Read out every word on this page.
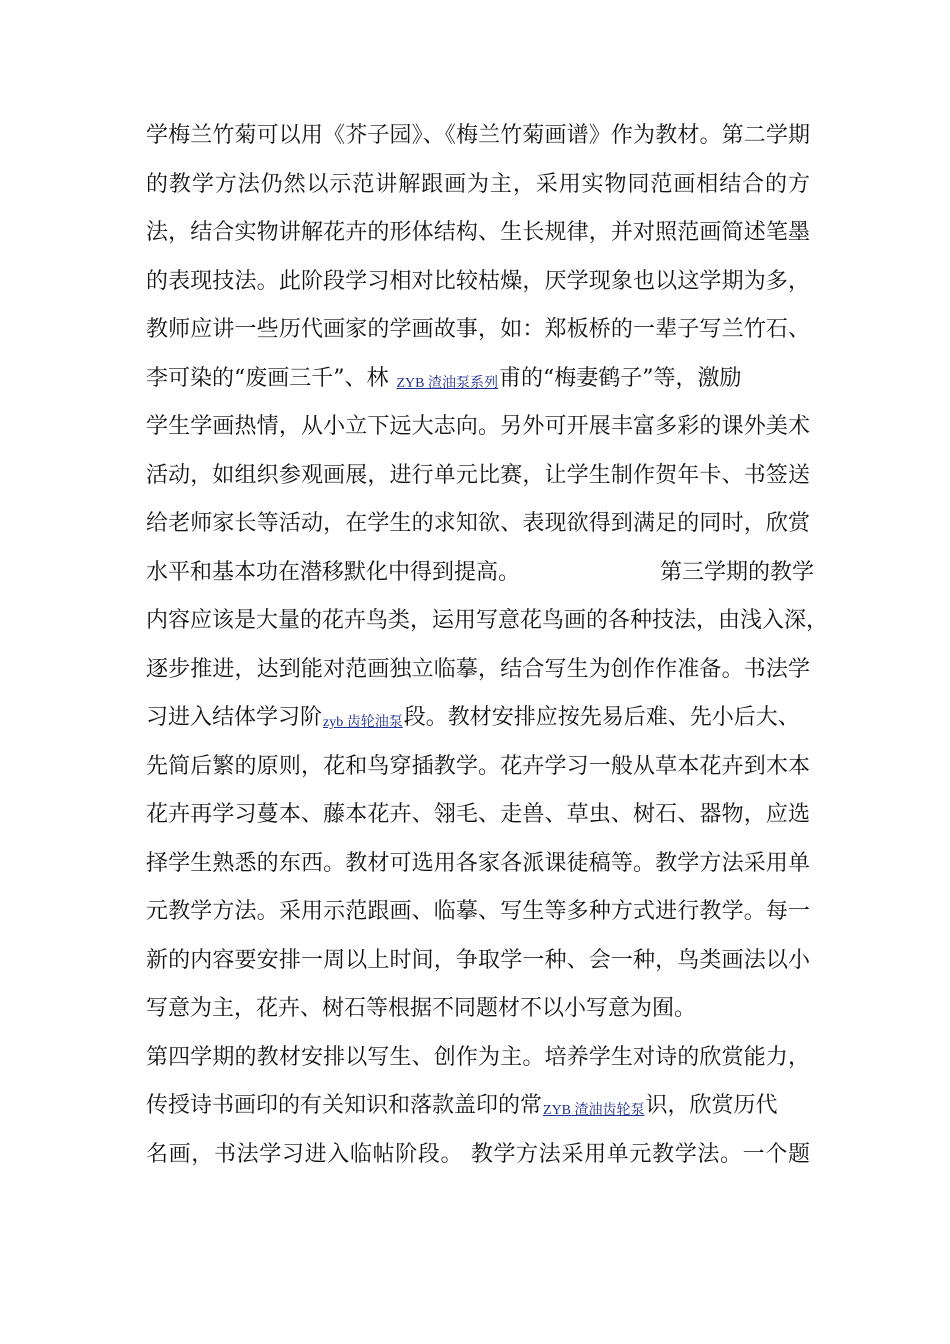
学梅兰竹菊可以用《芥子园》、《梅兰竹菊画谱》作为教材。第二学期
的教学方法仍然以示范讲解跟画为主，采用实物同范画相结合的方
法，结合实物讲解花卉的形体结构、生长规律，并对照范画简述笔墨
的表现技法。此阶段学习相对比较枯燥，厌学现象也以这学期为多，
教师应讲一些历代画家的学画故事，如：郑板桥的一辈子写兰竹石、
李可染的“废画三千”、林 ZYB 渣油泵系列甫的“梅妻鹤子”等，激励
学生学画热情，从小立下远大志向。另外可开展丰富多彩的课外美术
活动，如组织参观画展，进行单元比赛，让学生制作贺年卡、书签送
给老师家长等活动，在学生的求知欲、表现欲得到满足的同时，欣赏
水平和基本功在潜移默化中得到提高。	第三学期的教学
内容应该是大量的花卉鸟类，运用写意花鸟画的各种技法，由浅入深，
逐步推进，达到能对范画独立临摹，结合写生为创作作准备。书法学
习进入结体学习阶zyb 齿轮油泵段。教材安排应按先易后难、先小后大、
先简后繁的原则，花和鸟穿插教学。花卉学习一般从草本花卉到木本
花卉再学习蔓本、藤本花卉、翎毛、走兽、草虫、树石、器物，应选
择学生熟悉的东西。教材可选用各家各派课徒稿等。教学方法采用单
元教学方法。采用示范跟画、临摹、写生等多种方式进行教学。每一
新的内容要安排一周以上时间，争取学一种、会一种，鸟类画法以小
写意为主，花卉、树石等根据不同题材不以小写意为囿。
第四学期的教材安排以写生、创作为主。培养学生对诗的欣赏能力，
传授诗书画印的有关知识和落款盖印的常ZYB 渣油齿轮泵识，欣赏历代
名画，书法学习进入临帖阶段。 教学方法采用单元教学法。一个题
